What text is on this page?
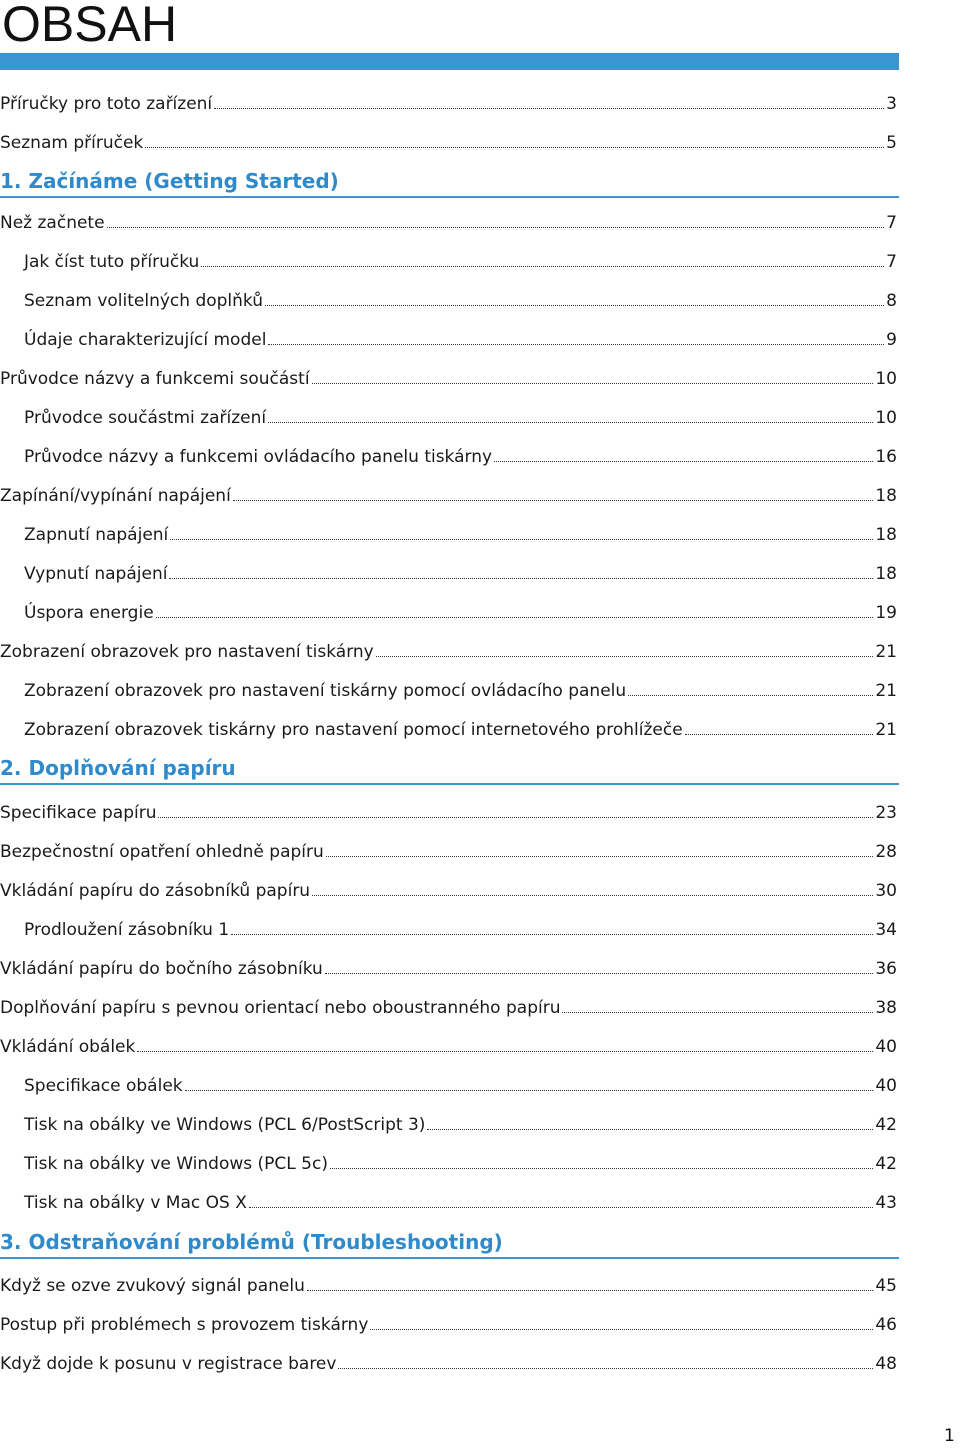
OBSAH
Příručky pro toto zařízení	3
Seznam příruček	5
1. Začínáme (Getting Started)
Než začnete	7
Jak číst tuto příručku	7
Seznam volitelných doplňků	8
Údaje charakterizující model	9
Průvodce názvy a funkcemi součástí	10
Průvodce součástmi zařízení	10
Průvodce názvy a funkcemi ovládacího panelu tiskárny	16
Zapínání/vypínání napájení	18
Zapnutí napájení	18
Vypnutí napájení	18
Úspora energie	19
Zobrazení obrazovek pro nastavení tiskárny	21
Zobrazení obrazovek pro nastavení tiskárny pomocí ovládacího panelu	21
Zobrazení obrazovek tiskárny pro nastavení pomocí internetového prohlížeče	21
2. Doplňování papíru
Specifikace papíru	23
Bezpečnostní opatření ohledně papíru	28
Vkládání papíru do zásobníků papíru	30
Prodloužení zásobníku 1	34
Vkládání papíru do bočního zásobníku	36
Doplňování papíru s pevnou orientací nebo oboustranného papíru	38
Vkládání obálek	40
Specifikace obálek	40
Tisk na obálky ve Windows (PCL 6/PostScript 3)	42
Tisk na obálky ve Windows (PCL 5c)	42
Tisk na obálky v Mac OS X	43
3. Odstraňování problémů (Troubleshooting)
Když se ozve zvukový signál panelu	45
Postup při problémech s provozem tiskárny	46
Když dojde k posunu v registrace barev	48
1
